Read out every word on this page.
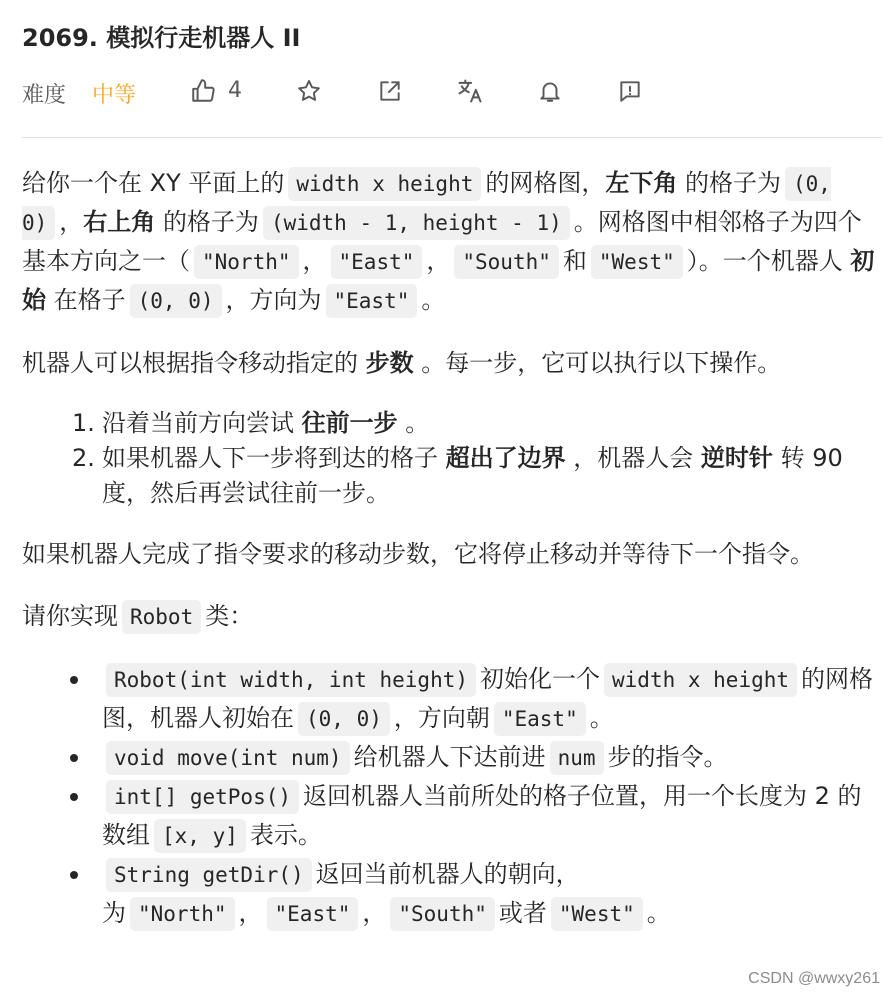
2069. 模拟行走机器人 II
难度 中等	4

给你一个在 XY 平面上的 width x height 的网格图，左下角 的格子为 (0, 0) ，右上角 的格子为 (width - 1, height - 1) 。网格图中相邻格子为四个基本方向之一（ "North" ， "East" ， "South" 和 "West" ）。一个机器人 初始 在格子 (0, 0) ，方向为 "East" 。

机器人可以根据指令移动指定的 步数 。每一步，它可以执行以下操作。

1. 沿着当前方向尝试 往前一步 。
2. 如果机器人下一步将到达的格子 超出了边界 ，机器人会 逆时针 转 90 度，然后再尝试往前一步。

如果机器人完成了指令要求的移动步数，它将停止移动并等待下一个指令。

请你实现 Robot 类：

Robot(int width, int height) 初始化一个 width x height 的网格图，机器人初始在 (0, 0) ，方向朝 "East" 。
void move(int num) 给机器人下达前进 num 步的指令。
int[] getPos() 返回机器人当前所处的格子位置，用一个长度为 2 的数组 [x, y] 表示。
String getDir() 返回当前机器人的朝向，为 "North" ， "East" ， "South" 或者 "West" 。
CSDN @wwxy261
